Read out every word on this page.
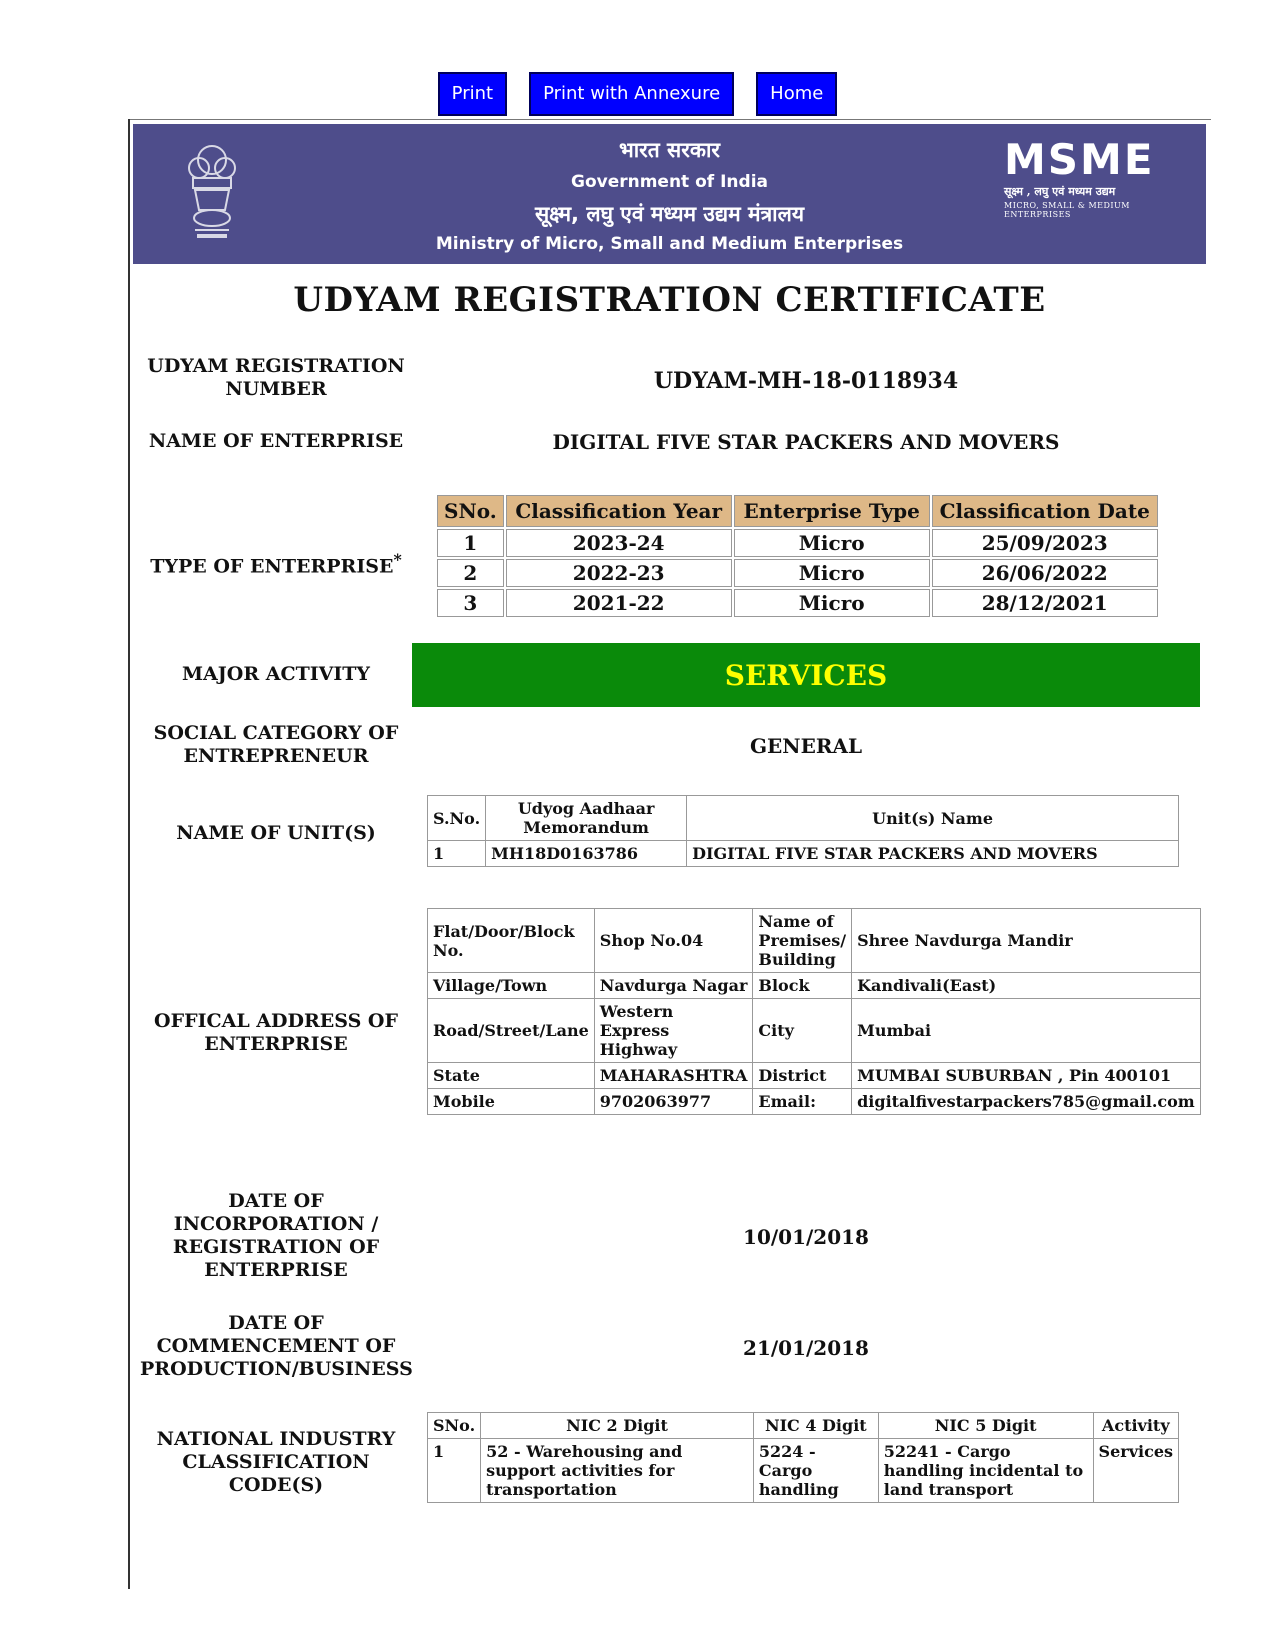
Print	Print with Annexure	Home
भारत सरकार
Government of India
सूक्ष्म, लघु एवं मध्यम उद्यम मंत्रालय
Ministry of Micro, Small and Medium Enterprises
MSME
सूक्ष्म , लघु एवं मध्यम उद्यम
MICRO, SMALL & MEDIUM ENTERPRISES
UDYAM REGISTRATION CERTIFICATE
UDYAM REGISTRATION NUMBER	UDYAM-MH-18-0118934
NAME OF ENTERPRISE	DIGITAL FIVE STAR PACKERS AND MOVERS
TYPE OF ENTERPRISE*
SNo.	Classification Year	Enterprise Type	Classification Date
1	2023-24	Micro	25/09/2023
2	2022-23	Micro	26/06/2022
3	2021-22	Micro	28/12/2021
MAJOR ACTIVITY	SERVICES
SOCIAL CATEGORY OF ENTREPRENEUR	GENERAL
NAME OF UNIT(S)
S.No.	Udyog Aadhaar Memorandum	Unit(s) Name
1	MH18D0163786	DIGITAL FIVE STAR PACKERS AND MOVERS
OFFICAL ADDRESS OF ENTERPRISE
Flat/Door/Block No.	Shop No.04	Name of Premises/ Building	Shree Navdurga Mandir
Village/Town	Navdurga Nagar	Block	Kandivali(East)
Road/Street/Lane	Western Express Highway	City	Mumbai
State	MAHARASHTRA	District	MUMBAI SUBURBAN , Pin 400101
Mobile	9702063977	Email:	digitalfivestarpackers785@gmail.com
DATE OF INCORPORATION / REGISTRATION OF ENTERPRISE
10/01/2018
DATE OF COMMENCEMENT OF PRODUCTION/BUSINESS
21/01/2018
NATIONAL INDUSTRY CLASSIFICATION CODE(S)
SNo.	NIC 2 Digit	NIC 4 Digit	NIC 5 Digit	Activity
1	52 - Warehousing and support activities for transportation	5224 - Cargo handling	52241 - Cargo handling incidental to land transport	Services
